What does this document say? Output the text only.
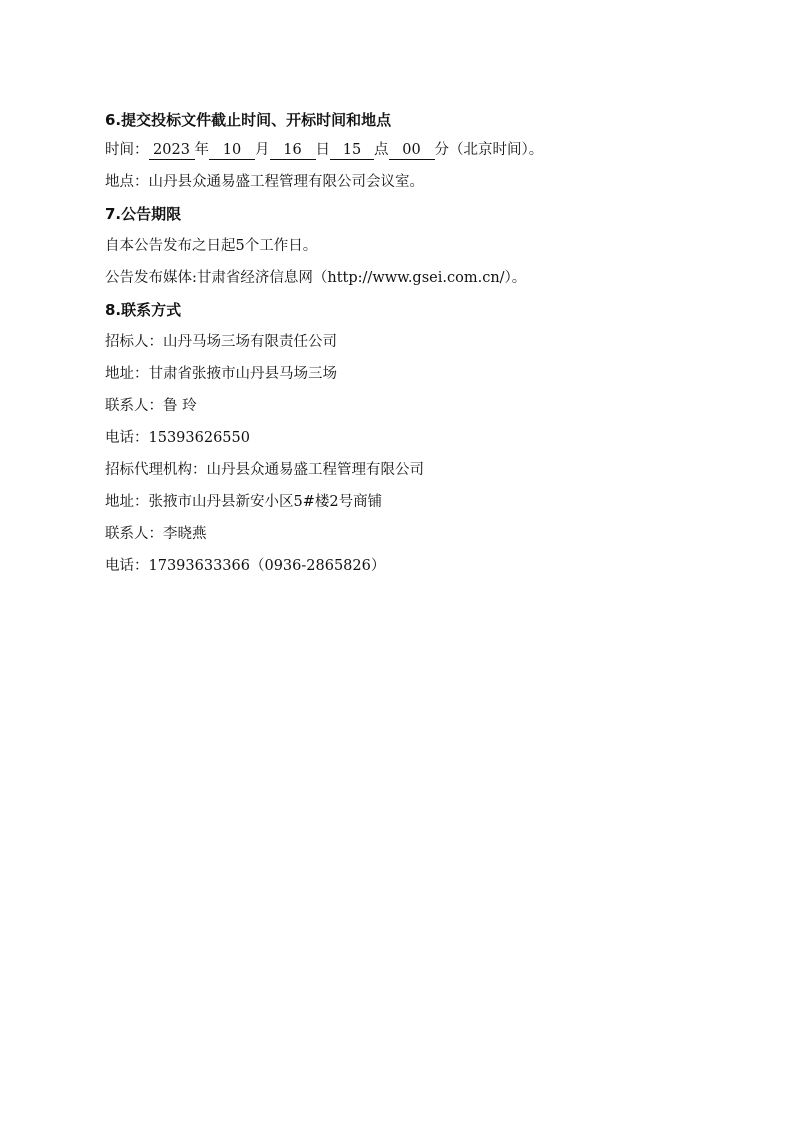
6.提交投标文件截止时间、开标时间和地点
时间： 2023 年 10 月 16 日 15 点 00 分（北京时间）。
地点：山丹县众通易盛工程管理有限公司会议室。
7.公告期限
自本公告发布之日起5个工作日。
公告发布媒体:甘肃省经济信息网（http://www.gsei.com.cn/）。
8.联系方式
招标人：山丹马场三场有限责任公司
地址：甘肃省张掖市山丹县马场三场
联系人：鲁 玲
电话：15393626550
招标代理机构：山丹县众通易盛工程管理有限公司
地址：张掖市山丹县新安小区5#楼2号商铺
联系人：李晓燕
电话：17393633366（0936-2865826）
